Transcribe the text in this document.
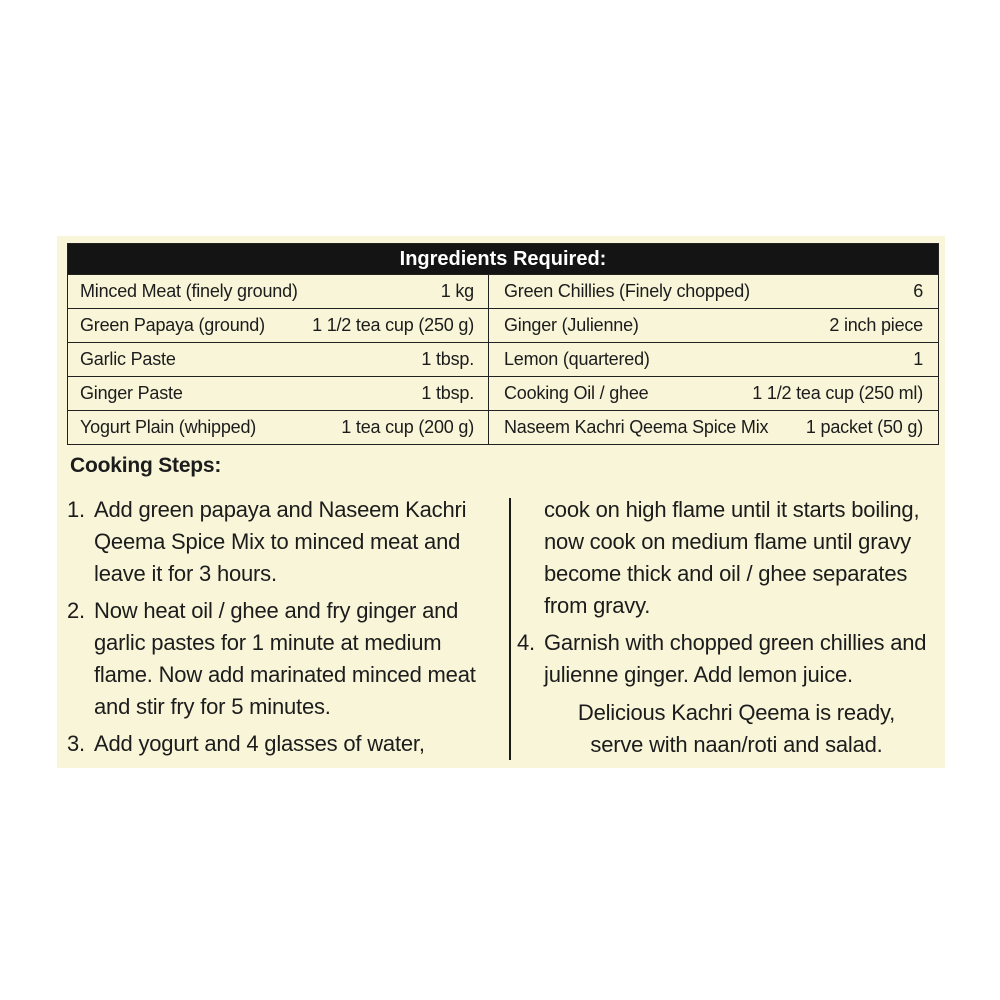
Ingredients Required:
Minced Meat (finely ground)	1 kg Green Chillies (Finely chopped)	6
Green Papaya (ground)	1 1/2 tea cup (250 g) Ginger (Julienne)	2 inch piece
Garlic Paste	1 tbsp. Lemon (quartered)	1
Ginger Paste	1 tbsp. Cooking Oil / ghee	1 1/2 tea cup (250 ml)
Yogurt Plain (whipped)	1 tea cup (200 g) Naseem Kachri Qeema Spice Mix 1 packet (50 g)
Cooking Steps:
1. Add green papaya and Naseem Kachri Qeema Spice Mix to minced meat and leave it for 3 hours.
2. Now heat oil / ghee and fry ginger and garlic pastes for 1 minute at medium flame. Now add marinated minced meat and stir fry for 5 minutes.
3. Add yogurt and 4 glasses of water,
cook on high flame until it starts boiling, now cook on medium flame until gravy become thick and oil / ghee separates from gravy.
4. Garnish with chopped green chillies and julienne ginger. Add lemon juice.
Delicious Kachri Qeema is ready,
serve with naan/roti and salad.
